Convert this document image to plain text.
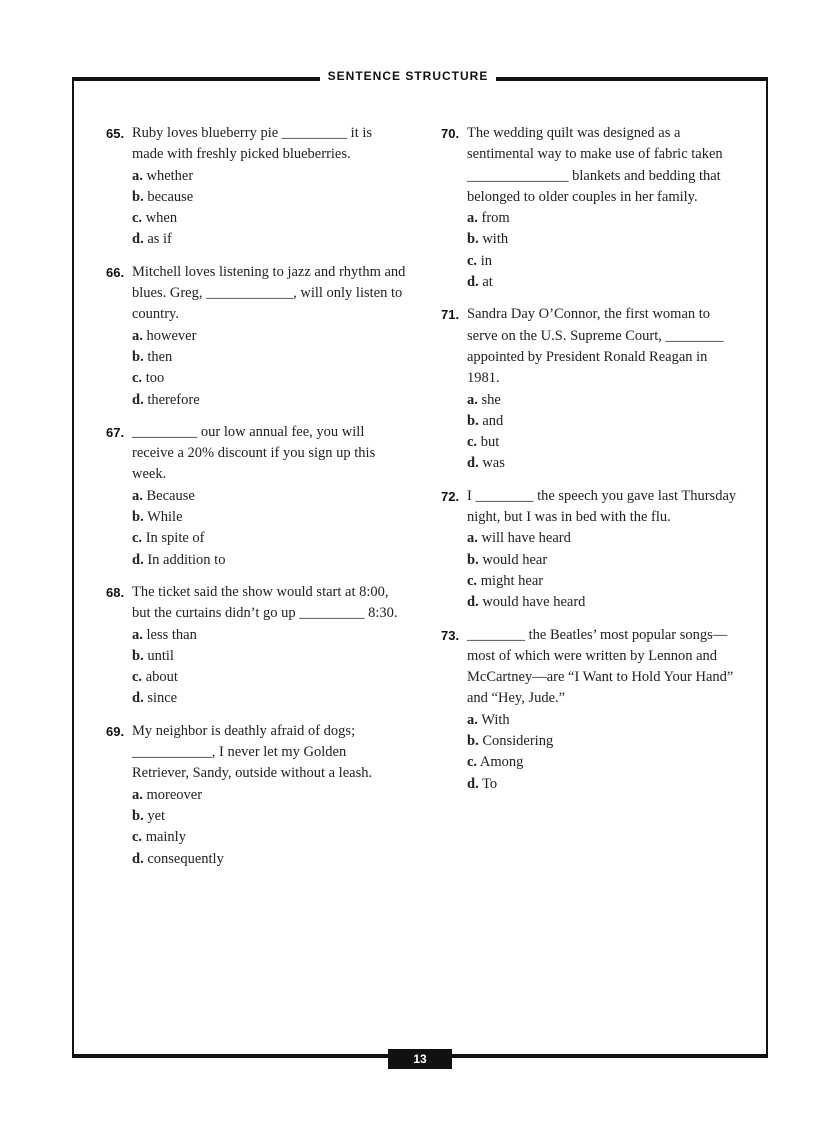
SENTENCE STRUCTURE
65. Ruby loves blueberry pie _________ it is made with freshly picked blueberries.
a. whether
b. because
c. when
d. as if
66. Mitchell loves listening to jazz and rhythm and blues. Greg, ____________, will only listen to country.
a. however
b. then
c. too
d. therefore
67. _________ our low annual fee, you will receive a 20% discount if you sign up this week.
a. Because
b. While
c. In spite of
d. In addition to
68. The ticket said the show would start at 8:00, but the curtains didn’t go up _________ 8:30.
a. less than
b. until
c. about
d. since
69. My neighbor is deathly afraid of dogs; ___________, I never let my Golden Retriever, Sandy, outside without a leash.
a. moreover
b. yet
c. mainly
d. consequently
70. The wedding quilt was designed as a sentimental way to make use of fabric taken ______________ blankets and bedding that belonged to older couples in her family.
a. from
b. with
c. in
d. at
71. Sandra Day O’Connor, the first woman to serve on the U.S. Supreme Court, ________ appointed by President Ronald Reagan in 1981.
a. she
b. and
c. but
d. was
72. I ________ the speech you gave last Thursday night, but I was in bed with the flu.
a. will have heard
b. would hear
c. might hear
d. would have heard
73. ________ the Beatles’ most popular songs—most of which were written by Lennon and McCartney—are “I Want to Hold Your Hand” and “Hey, Jude.”
a. With
b. Considering
c. Among
d. To
13
